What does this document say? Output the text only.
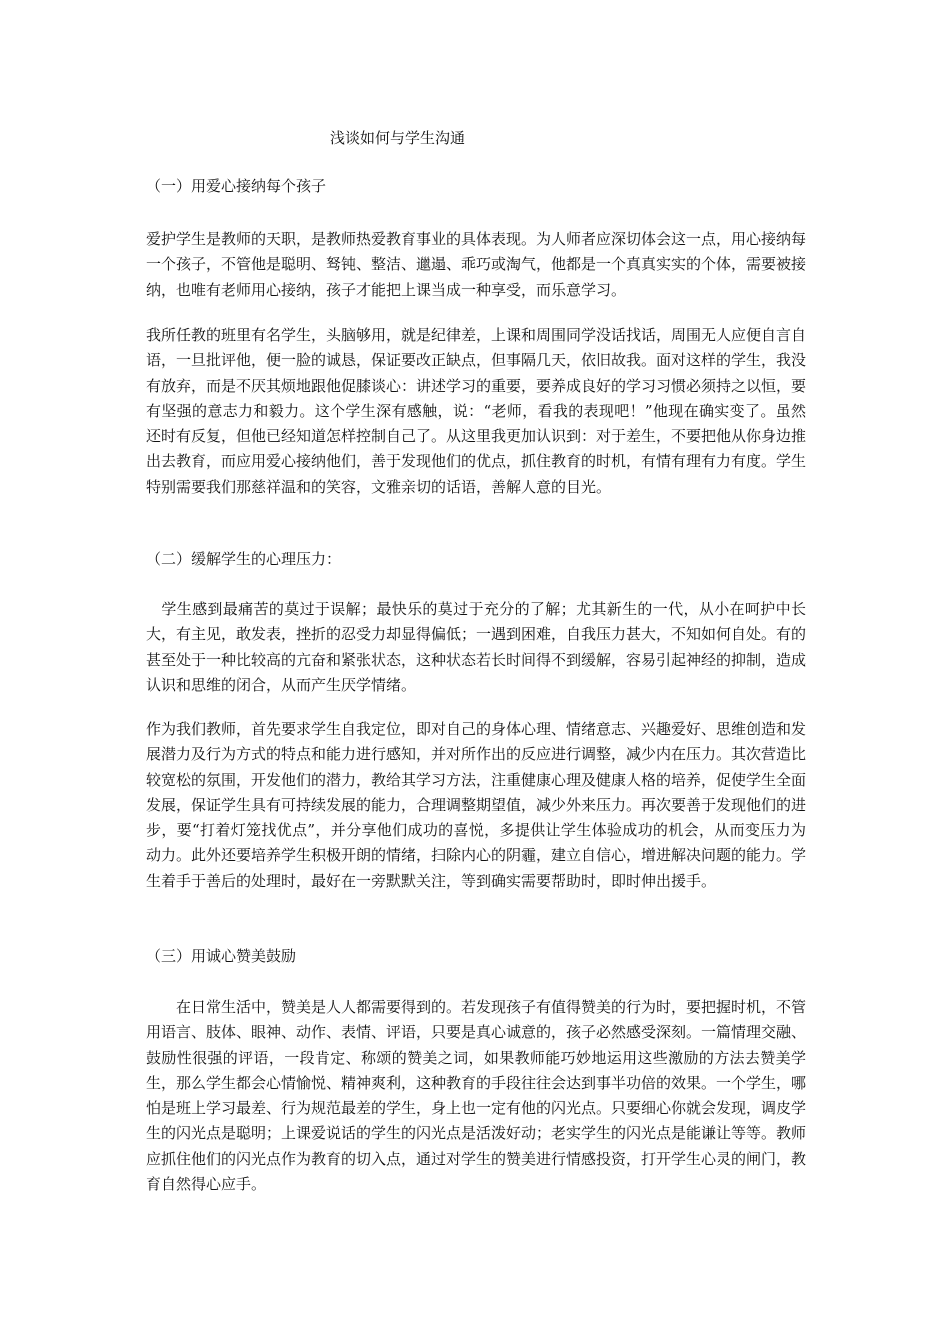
浅谈如何与学生沟通
（一）用爱心接纳每个孩子

爱护学生是教师的天职，是教师热爱教育事业的具体表现。为人师者应深切体会这一点，用心接纳每一个孩子，不管他是聪明、驽钝、整洁、邋遢、乖巧或淘气，他都是一个真真实实的个体，需要被接纳，也唯有老师用心接纳，孩子才能把上课当成一种享受，而乐意学习。

我所任教的班里有名学生，头脑够用，就是纪律差，上课和周围同学没话找话，周围无人应便自言自语，一旦批评他，便一脸的诚恳，保证要改正缺点，但事隔几天，依旧故我。面对这样的学生，我没有放弃，而是不厌其烦地跟他促膝谈心：讲述学习的重要，要养成良好的学习习惯必须持之以恒，要有坚强的意志力和毅力。这个学生深有感触，说：“老师，看我的表现吧！”他现在确实变了。虽然还时有反复，但他已经知道怎样控制自己了。从这里我更加认识到：对于差生，不要把他从你身边推出去教育，而应用爱心接纳他们，善于发现他们的优点，抓住教育的时机，有情有理有力有度。学生特别需要我们那慈祥温和的笑容，文雅亲切的话语，善解人意的目光。

（二）缓解学生的心理压力：

　学生感到最痛苦的莫过于误解；最快乐的莫过于充分的了解；尤其新生的一代，从小在呵护中长大，有主见，敢发表，挫折的忍受力却显得偏低；一遇到困难，自我压力甚大，不知如何自处。有的甚至处于一种比较高的亢奋和紧张状态，这种状态若长时间得不到缓解，容易引起神经的抑制，造成认识和思维的闭合，从而产生厌学情绪。

作为我们教师，首先要求学生自我定位，即对自己的身体心理、情绪意志、兴趣爱好、思维创造和发展潜力及行为方式的特点和能力进行感知，并对所作出的反应进行调整，减少内在压力。其次营造比较宽松的氛围，开发他们的潜力，教给其学习方法，注重健康心理及健康人格的培养，促使学生全面发展，保证学生具有可持续发展的能力，合理调整期望值，减少外来压力。再次要善于发现他们的进步，要“打着灯笼找优点”，并分享他们成功的喜悦，多提供让学生体验成功的机会，从而变压力为动力。此外还要培养学生积极开朗的情绪，扫除内心的阴霾，建立自信心，增进解决问题的能力。学生着手于善后的处理时，最好在一旁默默关注，等到确实需要帮助时，即时伸出援手。

（三）用诚心赞美鼓励

　　在日常生活中，赞美是人人都需要得到的。若发现孩子有值得赞美的行为时，要把握时机，不管用语言、肢体、眼神、动作、表情、评语，只要是真心诚意的，孩子必然感受深刻。一篇情理交融、鼓励性很强的评语，一段肯定、称颂的赞美之词，如果教师能巧妙地运用这些激励的方法去赞美学生，那么学生都会心情愉悦、精神爽利，这种教育的手段往往会达到事半功倍的效果。一个学生，哪怕是班上学习最差、行为规范最差的学生，身上也一定有他的闪光点。只要细心你就会发现，调皮学生的闪光点是聪明；上课爱说话的学生的闪光点是活泼好动；老实学生的闪光点是能谦让等等。教师应抓住他们的闪光点作为教育的切入点，通过对学生的赞美进行情感投资，打开学生心灵的闸门，教育自然得心应手。
